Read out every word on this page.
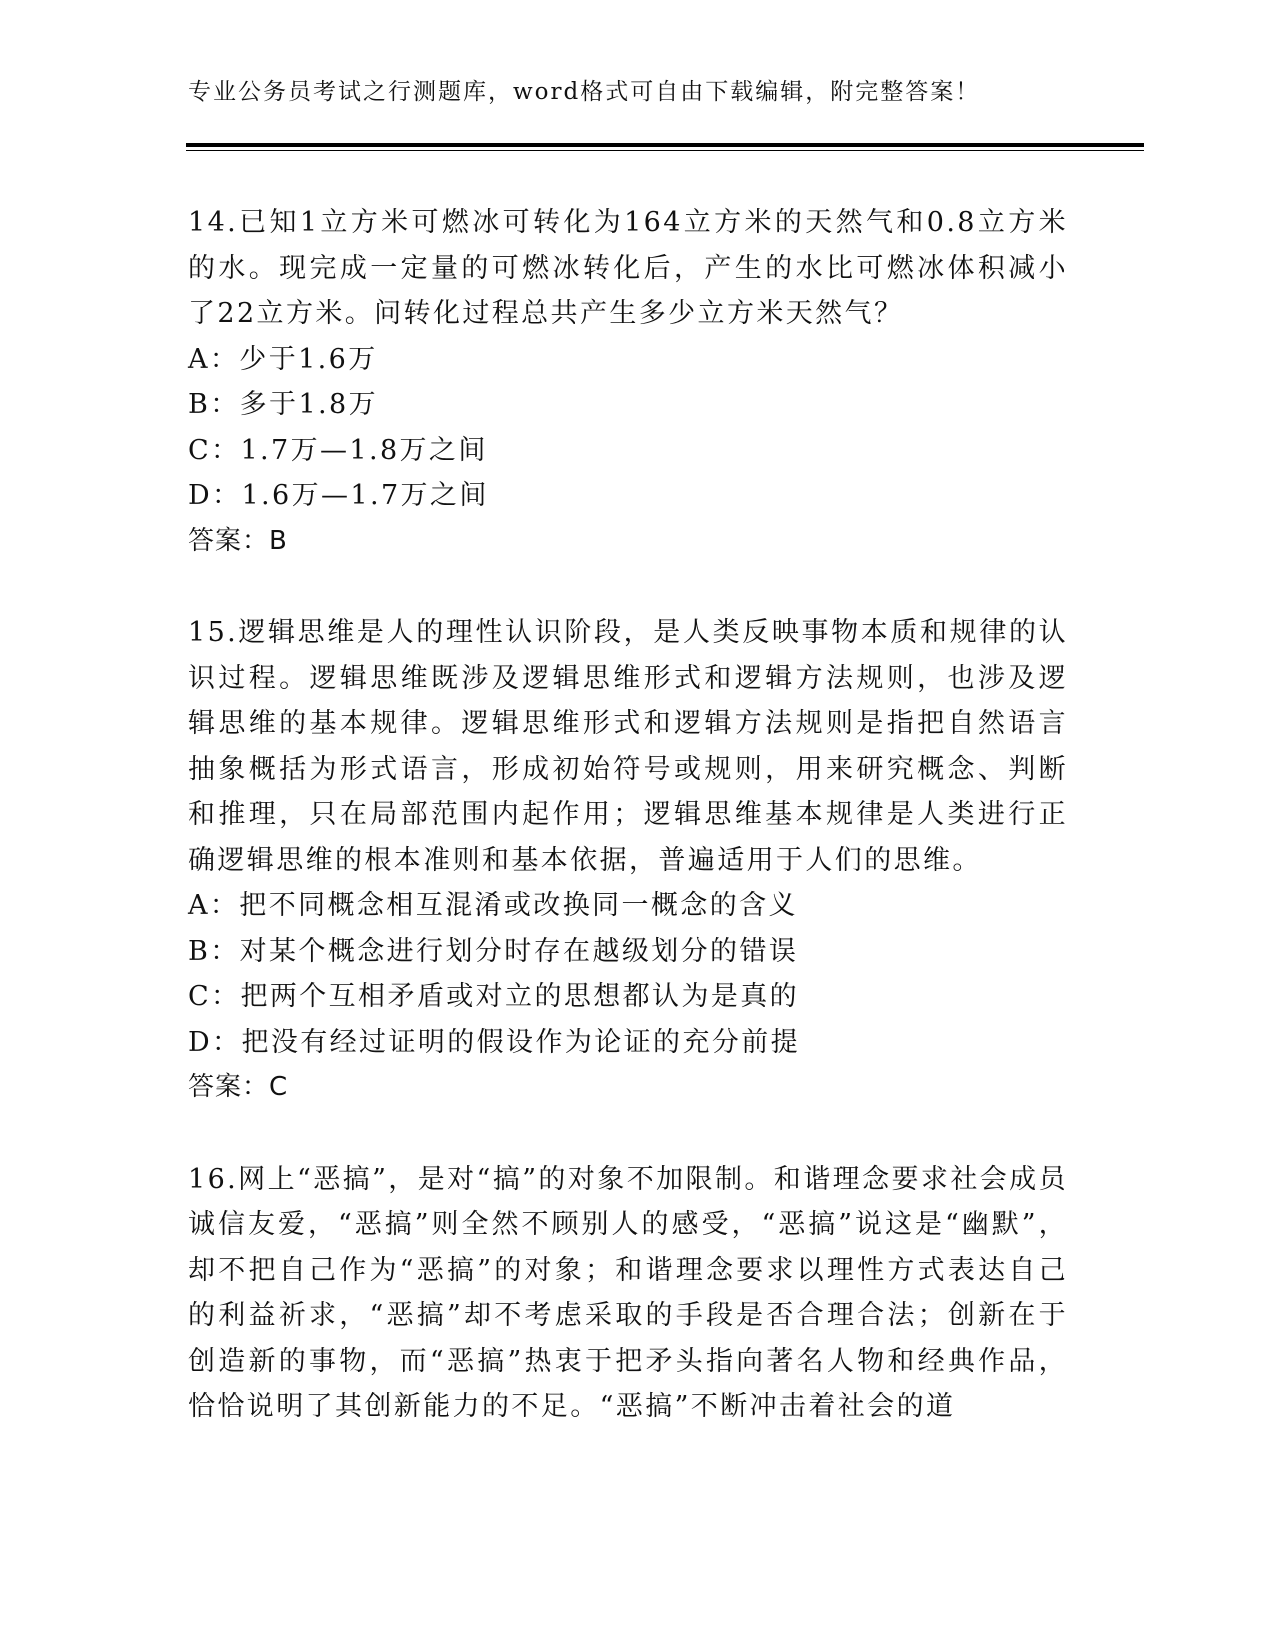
专业公务员考试之行测题库，word格式可自由下载编辑，附完整答案！

14.已知1立方米可燃冰可转化为164立方米的天然气和0.8立方米的水。现完成一定量的可燃冰转化后，产生的水比可燃冰体积减小了22立方米。问转化过程总共产生多少立方米天然气？

A：少于1.6万

B：多于1.8万

C：1.7万—1.8万之间

D：1.6万—1.7万之间

答案：B

15.逻辑思维是人的理性认识阶段，是人类反映事物本质和规律的认识过程。逻辑思维既涉及逻辑思维形式和逻辑方法规则，也涉及逻辑思维的基本规律。逻辑思维形式和逻辑方法规则是指把自然语言抽象概括为形式语言，形成初始符号或规则，用来研究概念、判断和推理，只在局部范围内起作用；逻辑思维基本规律是人类进行正确逻辑思维的根本准则和基本依据，普遍适用于人们的思维。

A：把不同概念相互混淆或改换同一概念的含义

B：对某个概念进行划分时存在越级划分的错误

C：把两个互相矛盾或对立的思想都认为是真的

D：把没有经过证明的假设作为论证的充分前提

答案：C

16.网上“恶搞”，是对“搞”的对象不加限制。和谐理念要求社会成员诚信友爱，“恶搞”则全然不顾别人的感受，“恶搞”说这是“幽默”，却不把自己作为“恶搞”的对象；和谐理念要求以理性方式表达自己的利益祈求，“恶搞”却不考虑采取的手段是否合理合法；创新在于创造新的事物，而“恶搞”热衷于把矛头指向著名人物和经典作品，恰恰说明了其创新能力的不足。“恶搞”不断冲击着社会的道
